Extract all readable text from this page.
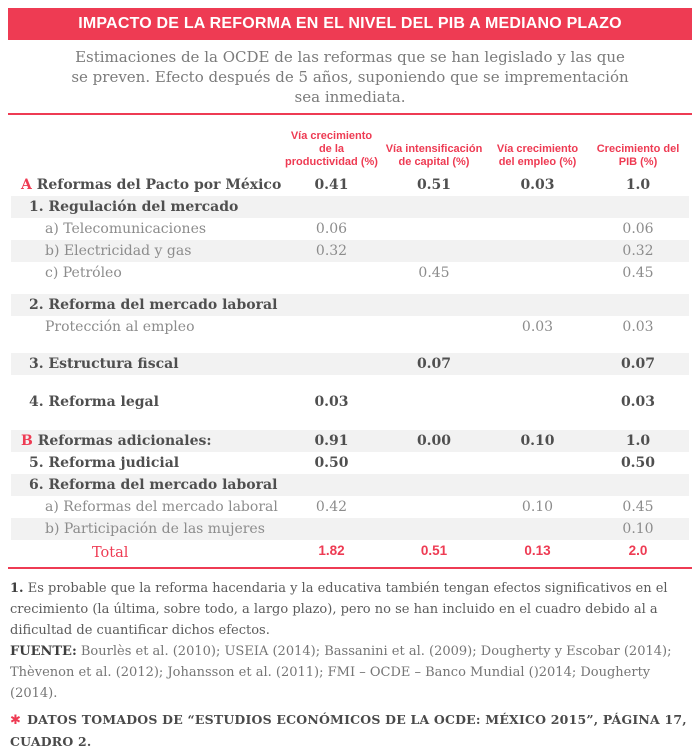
IMPACTO DE LA REFORMA EN EL NIVEL DEL PIB A MEDIANO PLAZO
Estimaciones de la OCDE de las reformas que se han legislado y las que
se preven. Efecto después de 5 años, suponiendo que se imprementación
sea inmediata.
	Vía crecimiento de la productividad (%)	Vía intensificación de capital (%)	Vía crecimiento del empleo (%)	Crecimiento del PIB (%)
A Reformas del Pacto por México	0.41	0.51	0.03	1.0
1. Regulación del mercado				
a) Telecomunicaciones	0.06			0.06
b) Electricidad y gas	0.32			0.32
c) Petróleo		0.45		0.45

2. Reforma del mercado laboral				
Protección al empleo			0.03	0.03

3. Estructura fiscal		0.07		0.07

4. Reforma legal	0.03			0.03

B Reformas adicionales:	0.91	0.00	0.10	1.0
5. Reforma judicial	0.50			0.50
6. Reforma del mercado laboral				
a) Reformas del mercado laboral	0.42		0.10	0.45
b) Participación de las mujeres				0.10
Total	1.82	0.51	0.13	2.0

1. Es probable que la reforma hacendaria y la educativa también tengan efectos significativos en el crecimiento (la última, sobre todo, a largo plazo), pero no se han incluido en el cuadro debido al a dificultad de cuantificar dichos efectos.

FUENTE: Bourlès et al. (2010); USEIA (2014); Bassanini et al. (2009); Dougherty y Escobar (2014); Thèvenon et al. (2012); Johansson et al. (2011); FMI – OCDE – Banco Mundial ()2014; Dougherty (2014).

✱ DATOS TOMADOS DE “ESTUDIOS ECONÓMICOS DE LA OCDE: MÉXICO 2015”, PÁGINA 17, CUADRO 2.
